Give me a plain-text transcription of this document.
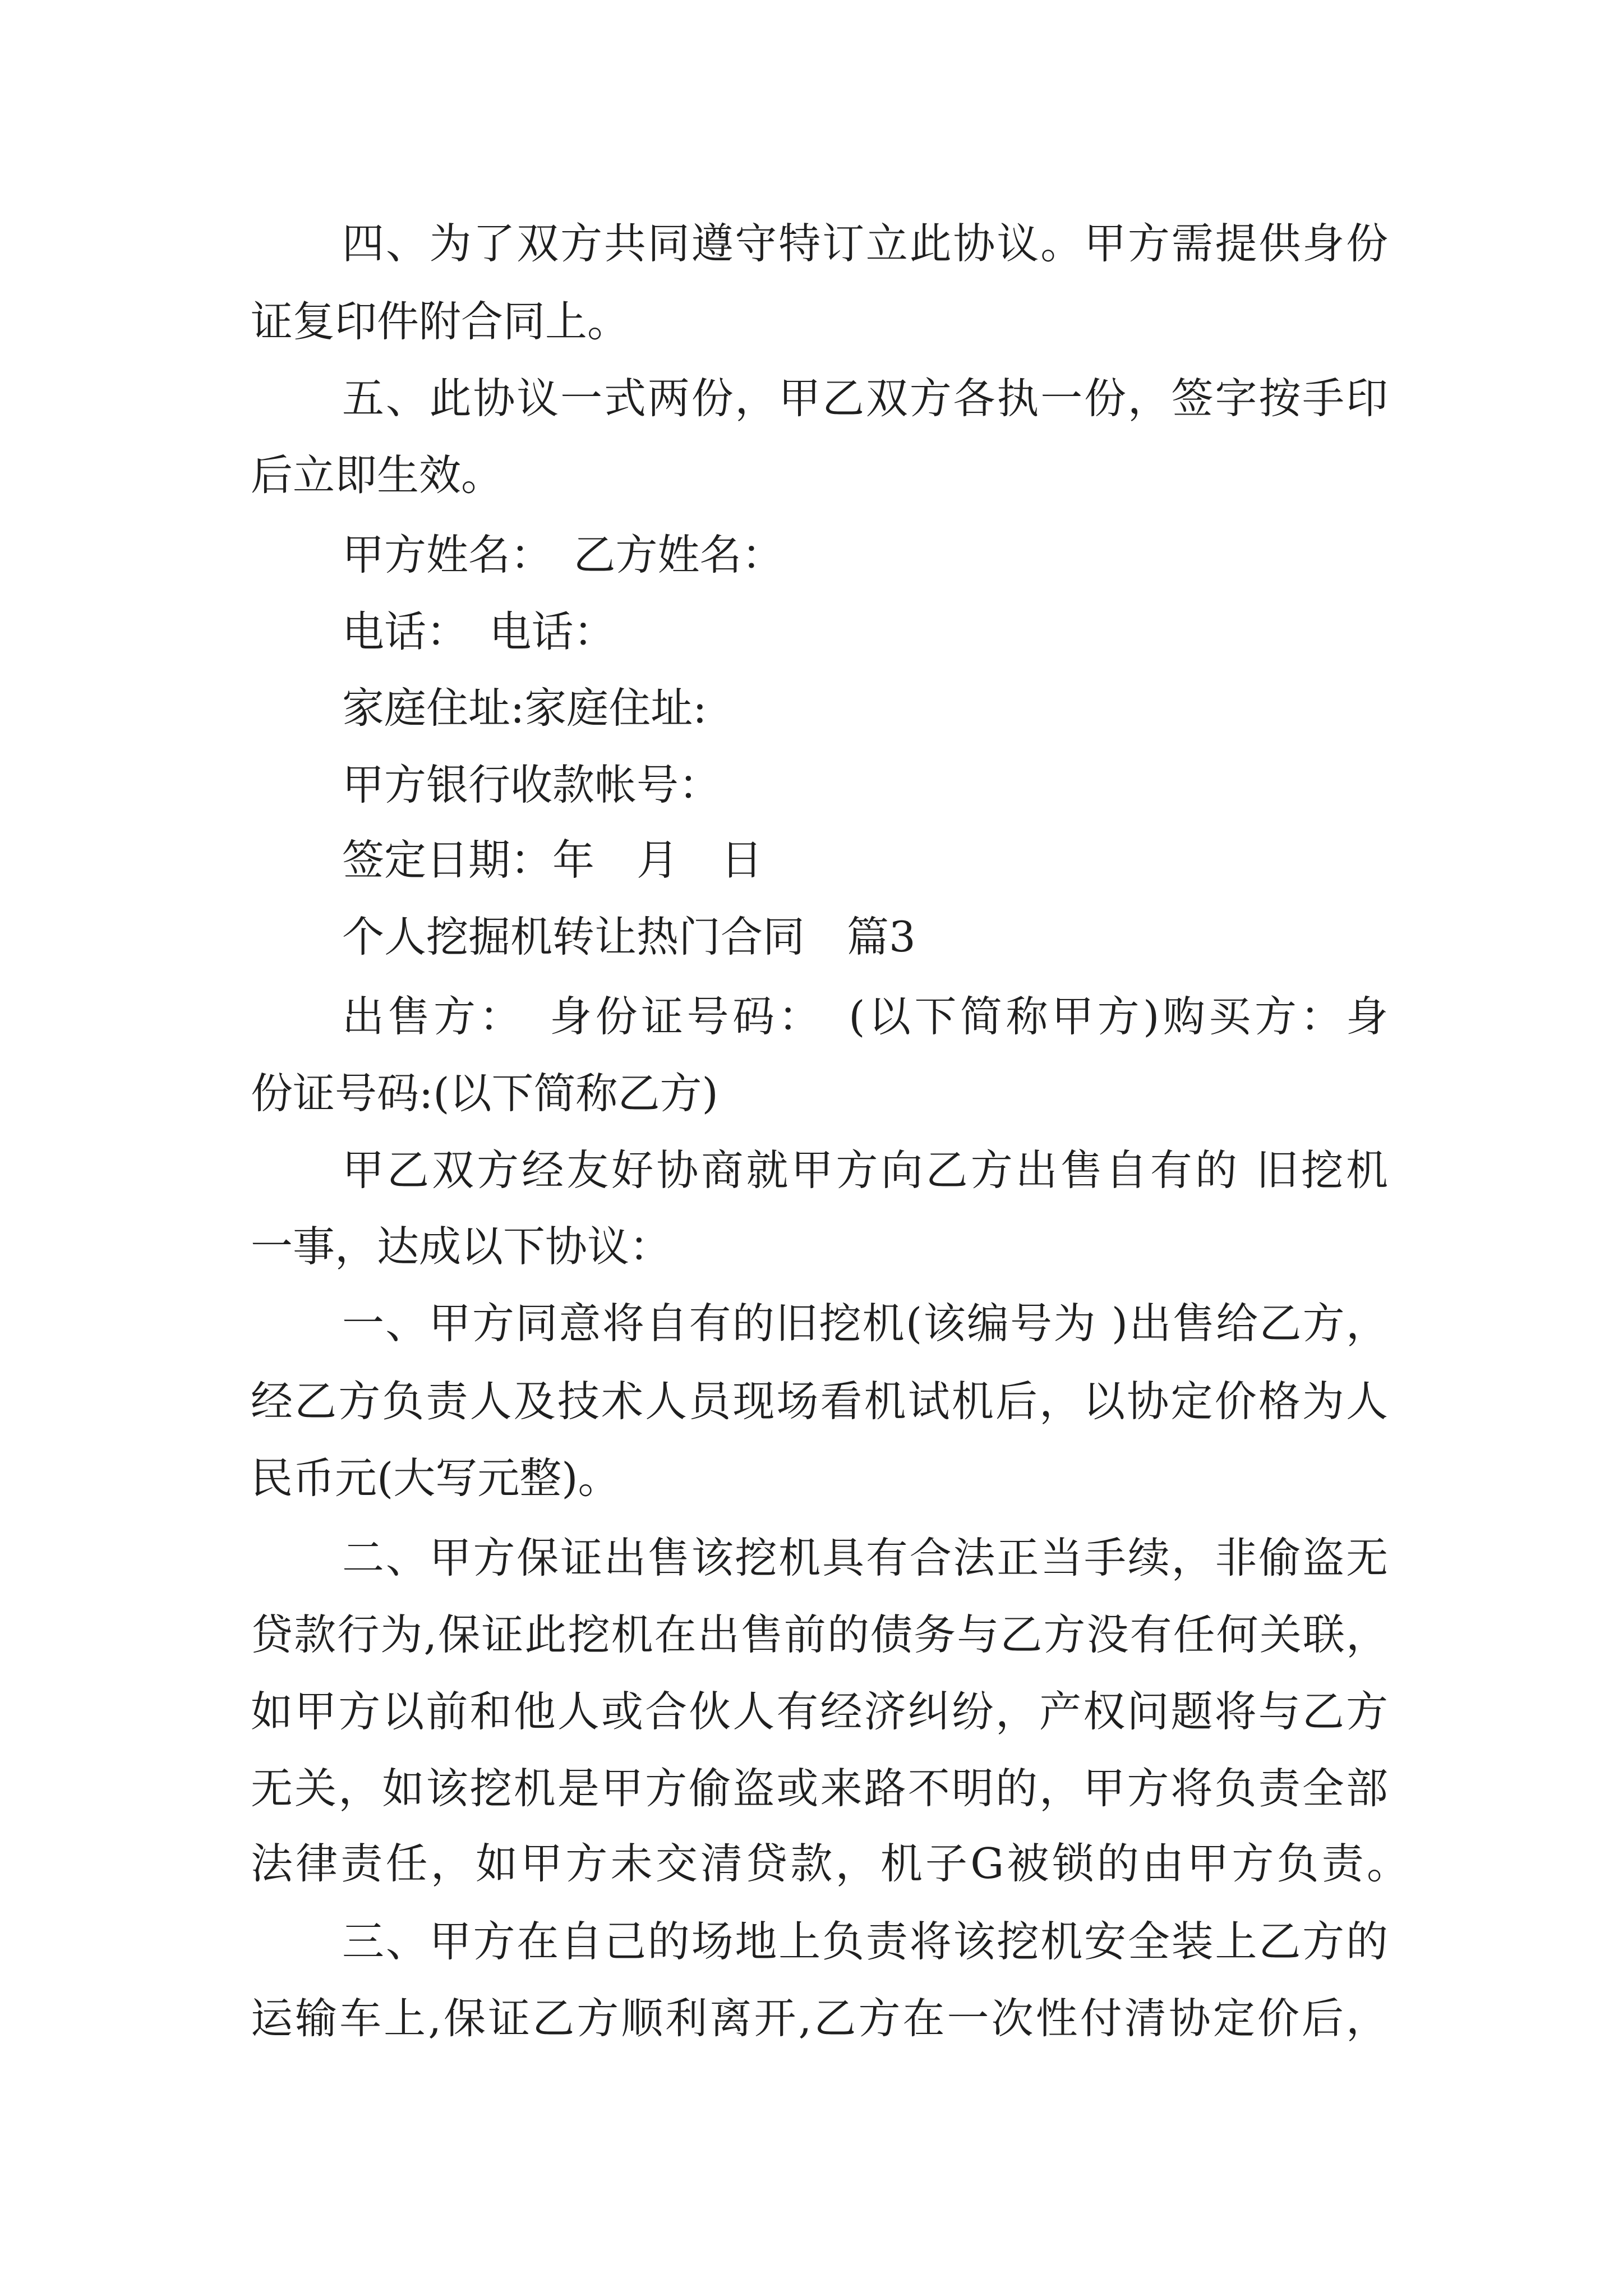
四、为了双方共同遵守特订立此协议。甲方需提供身份
证复印件附合同上。
五、此协议一式两份，甲乙双方各执一份，签字按手印
后立即生效。
甲方姓名：　乙方姓名：
电话：　电话：
家庭住址:家庭住址:
甲方银行收款帐号：
签定日期：年　月　日
个人挖掘机转让热门合同　篇3
出售方：　身份证号码：　(以下简称甲方)购买方：身
份证号码:(以下简称乙方)
甲乙双方经友好协商就甲方向乙方出售自有的 旧挖机
一事，达成以下协议：
一、甲方同意将自有的旧挖机(该编号为 )出售给乙方，
经乙方负责人及技术人员现场看机试机后，以协定价格为人
民币元(大写元整)。
二、甲方保证出售该挖机具有合法正当手续，非偷盗无
贷款行为,保证此挖机在出售前的债务与乙方没有任何关联，
如甲方以前和他人或合伙人有经济纠纷，产权问题将与乙方
无关，如该挖机是甲方偷盗或来路不明的，甲方将负责全部
法律责任，如甲方未交清贷款，机子G被锁的由甲方负责。
三、甲方在自己的场地上负责将该挖机安全装上乙方的
运输车上,保证乙方顺利离开,乙方在一次性付清协定价后，
